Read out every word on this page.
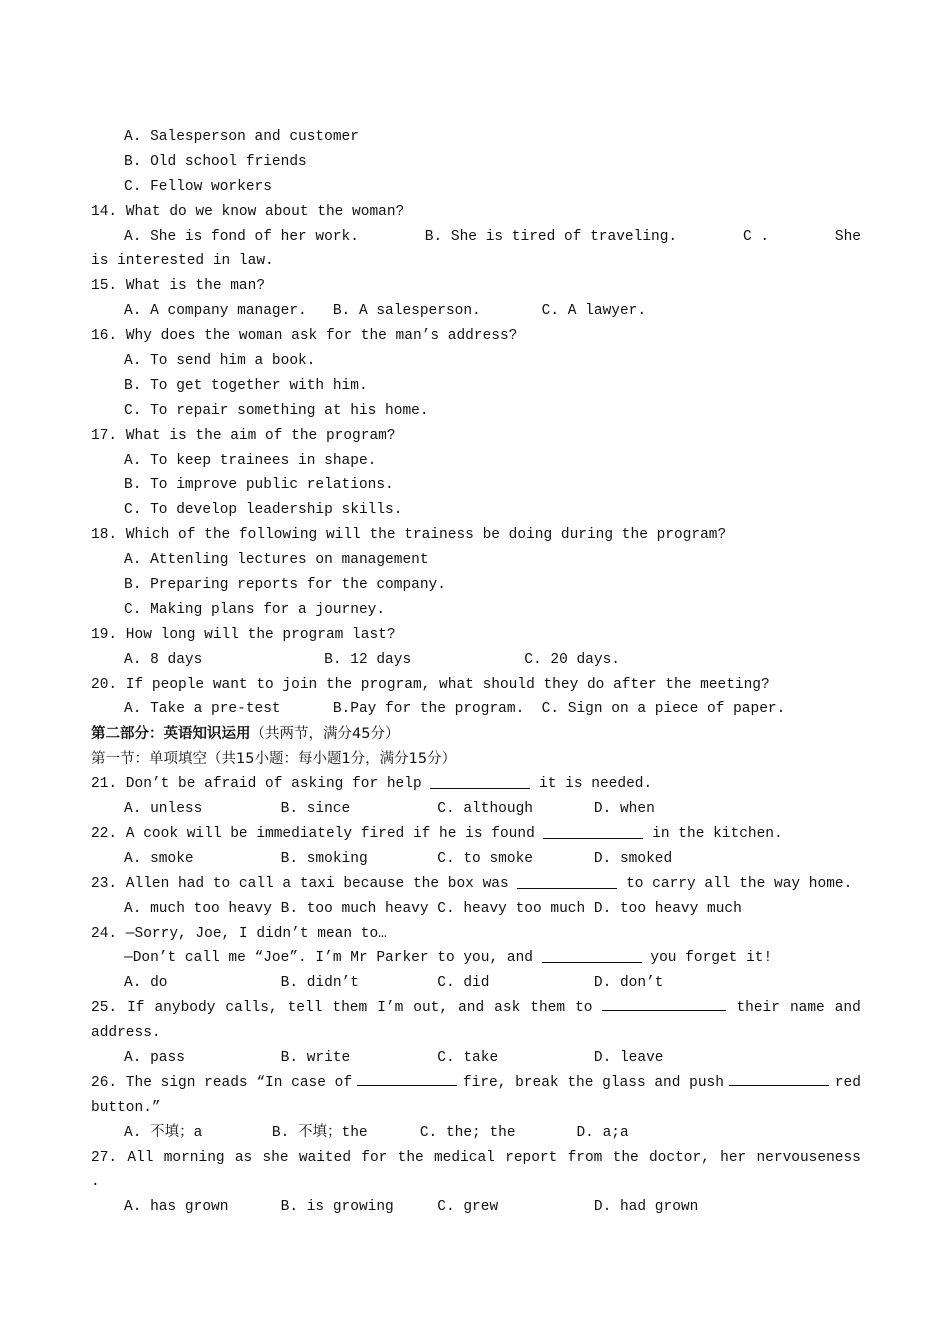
A. Salesperson and customer
B. Old school friends
C. Fellow workers
14. What do we know about the woman?
A. She is fond of her work.	B. She is tired of traveling.	C .	She
is interested in law.
15. What is the man?
A. A company manager.   B. A salesperson.       C. A lawyer.
16. Why does the woman ask for the man’s address?
A. To send him a book.
B. To get together with him.
C. To repair something at his home.
17. What is the aim of the program?
A. To keep trainees in shape.
B. To improve public relations.
C. To develop leadership skills.
18. Which of the following will the trainess be doing during the program?
A. Attenling lectures on management
B. Preparing reports for the company.
C. Making plans for a journey.
19. How long will the program last?
A. 8 days              B. 12 days             C. 20 days.
20. If people want to join the program, what should they do after the meeting?
A. Take a pre-test      B.Pay for the program.  C. Sign on a piece of paper.
第二部分：英语知识运用（共两节，满分45分）
第一节：单项填空（共15小题：每小题1分，满分15分）
21. Don’t be afraid of asking for help	it is needed.
A. unless         B. since          C. although       D. when
22. A cook will be immediately fired if he is found	in the kitchen.
A. smoke          B. smoking        C. to smoke       D. smoked
23. Allen had to call a taxi because the box was	to carry all the way home.
A. much too heavy B. too much heavy C. heavy too much D. too heavy much
24. —Sorry, Joe, I didn’t mean to…
—Don’t call me “Joe”. I’m Mr Parker to you, and	you forget it!
A. do             B. didn’t         C. did            D. don’t
25. If anybody calls, tell them I’m out, and ask them to	their name and
address.
A. pass           B. write          C. take           D. leave
26. The sign reads “In case of	fire, break the glass and push	red
button.”
A. 不填；a        B. 不填；the      C. the; the       D. a;a
27. All morning as she waited for the medical report from the doctor, her nervouseness
.
A. has grown      B. is growing     C. grew           D. had grown
